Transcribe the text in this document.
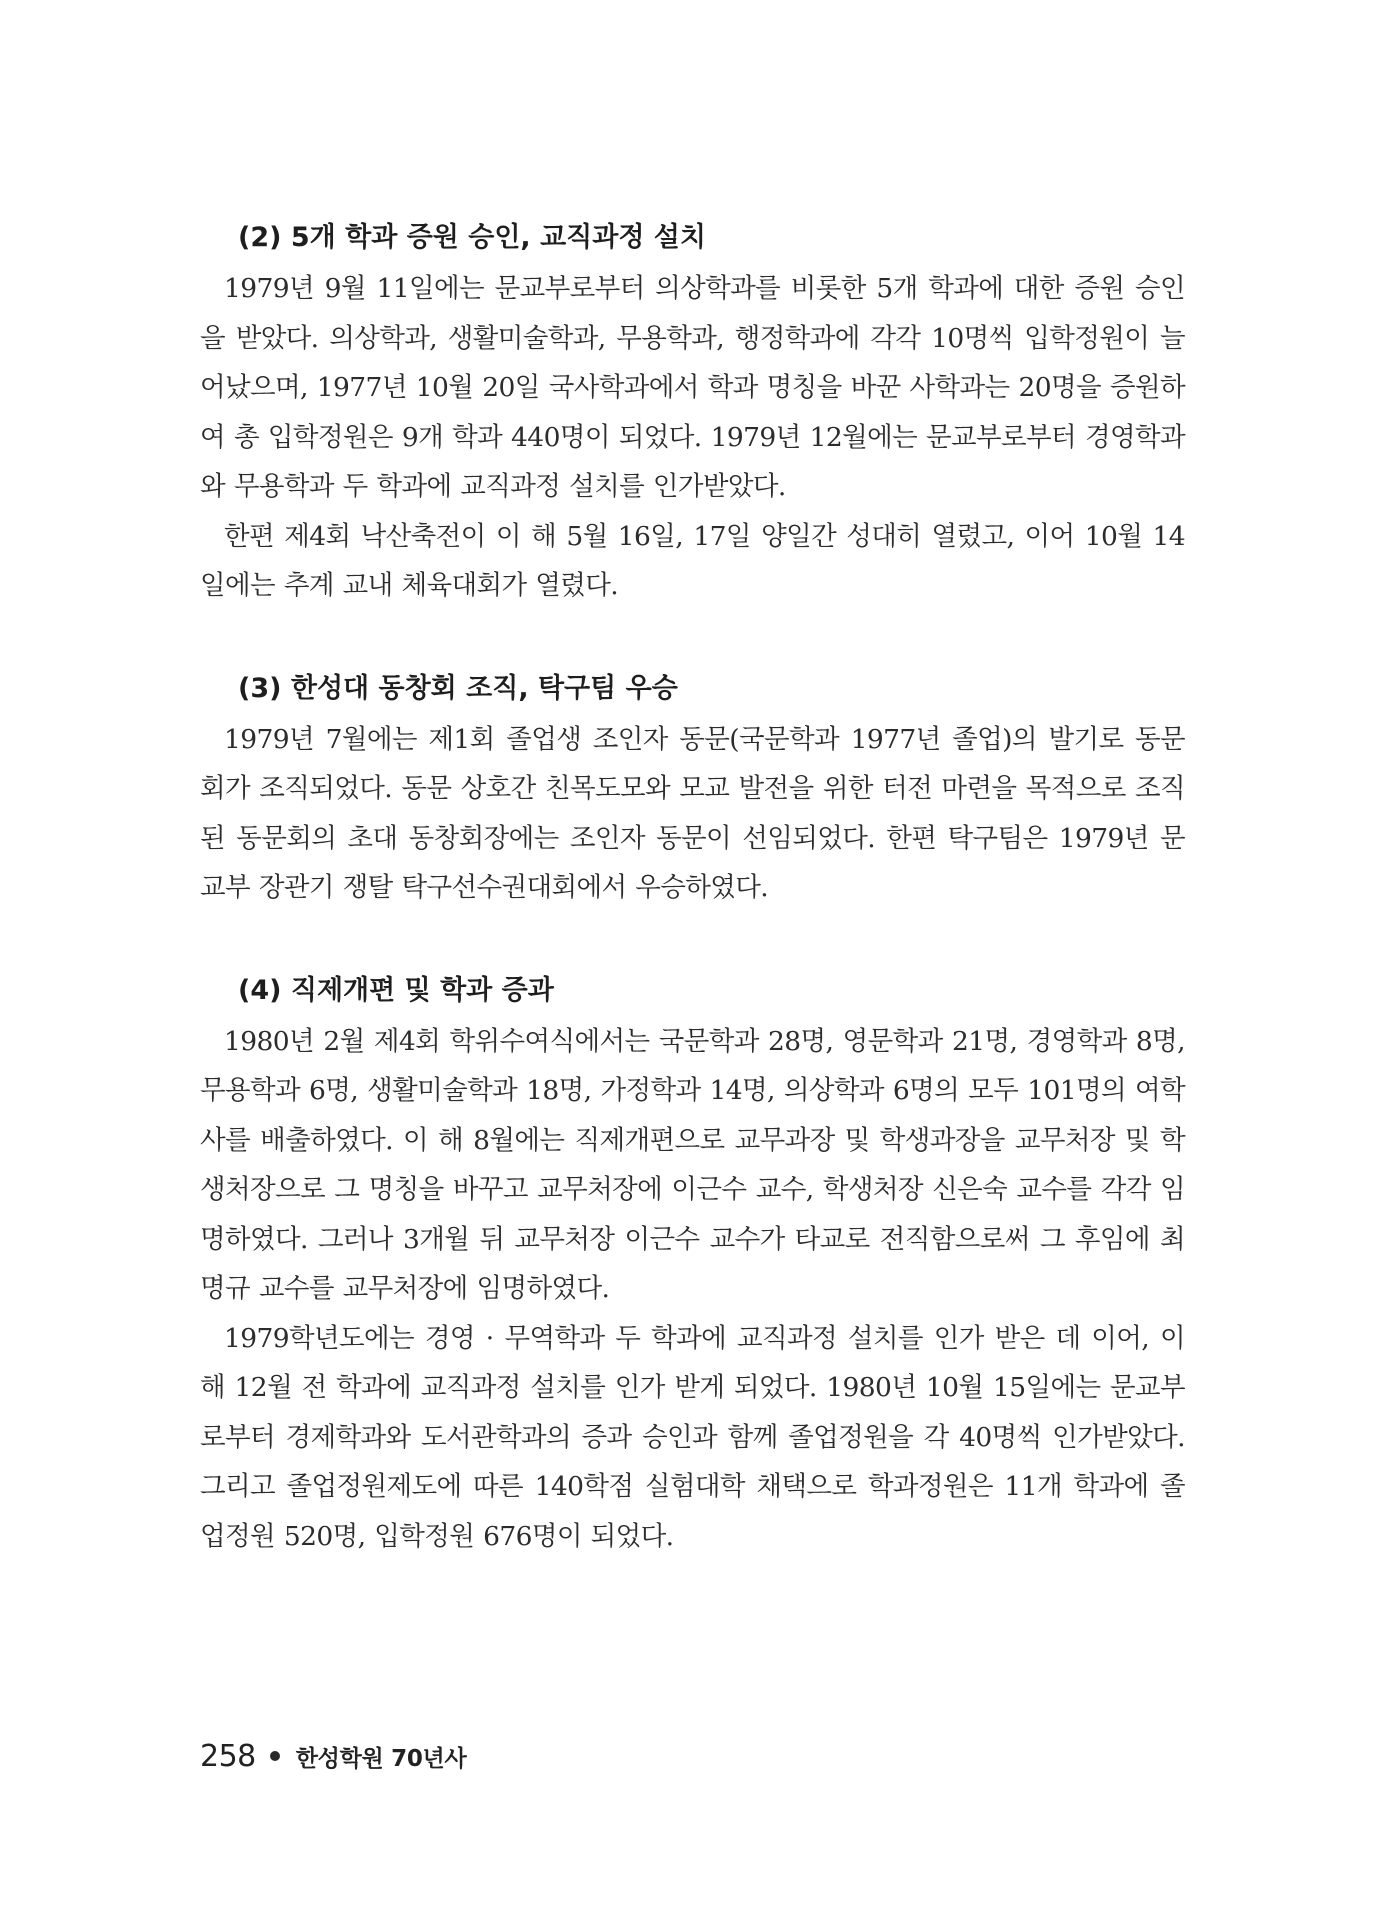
(2) 5개 학과 증원 승인, 교직과정 설치

1979년 9월 11일에는 문교부로부터 의상학과를 비롯한 5개 학과에 대한 증원 승인을 받았다. 의상학과, 생활미술학과, 무용학과, 행정학과에 각각 10명씩 입학정원이 늘어났으며, 1977년 10월 20일 국사학과에서 학과 명칭을 바꾼 사학과는 20명을 증원하여 총 입학정원은 9개 학과 440명이 되었다. 1979년 12월에는 문교부로부터 경영학과와 무용학과 두 학과에 교직과정 설치를 인가받았다.

한편 제4회 낙산축전이 이 해 5월 16일, 17일 양일간 성대히 열렸고, 이어 10월 14일에는 추계 교내 체육대회가 열렸다.

(3) 한성대 동창회 조직, 탁구팀 우승

1979년 7월에는 제1회 졸업생 조인자 동문(국문학과 1977년 졸업)의 발기로 동문회가 조직되었다. 동문 상호간 친목도모와 모교 발전을 위한 터전 마련을 목적으로 조직된 동문회의 초대 동창회장에는 조인자 동문이 선임되었다. 한편 탁구팀은 1979년 문교부 장관기 쟁탈 탁구선수권대회에서 우승하였다.

(4) 직제개편 및 학과 증과

1980년 2월 제4회 학위수여식에서는 국문학과 28명, 영문학과 21명, 경영학과 8명, 무용학과 6명, 생활미술학과 18명, 가정학과 14명, 의상학과 6명의 모두 101명의 여학사를 배출하였다. 이 해 8월에는 직제개편으로 교무과장 및 학생과장을 교무처장 및 학생처장으로 그 명칭을 바꾸고 교무처장에 이근수 교수, 학생처장 신은숙 교수를 각각 임명하였다. 그러나 3개월 뒤 교무처장 이근수 교수가 타교로 전직함으로써 그 후임에 최명규 교수를 교무처장에 임명하였다.

1979학년도에는 경영 · 무역학과 두 학과에 교직과정 설치를 인가 받은 데 이어, 이 해 12월 전 학과에 교직과정 설치를 인가 받게 되었다. 1980년 10월 15일에는 문교부로부터 경제학과와 도서관학과의 증과 승인과 함께 졸업정원을 각 40명씩 인가받았다. 그리고 졸업정원제도에 따른 140학점 실험대학 채택으로 학과정원은 11개 학과에 졸업정원 520명, 입학정원 676명이 되었다.

258 한성학원 70년사
